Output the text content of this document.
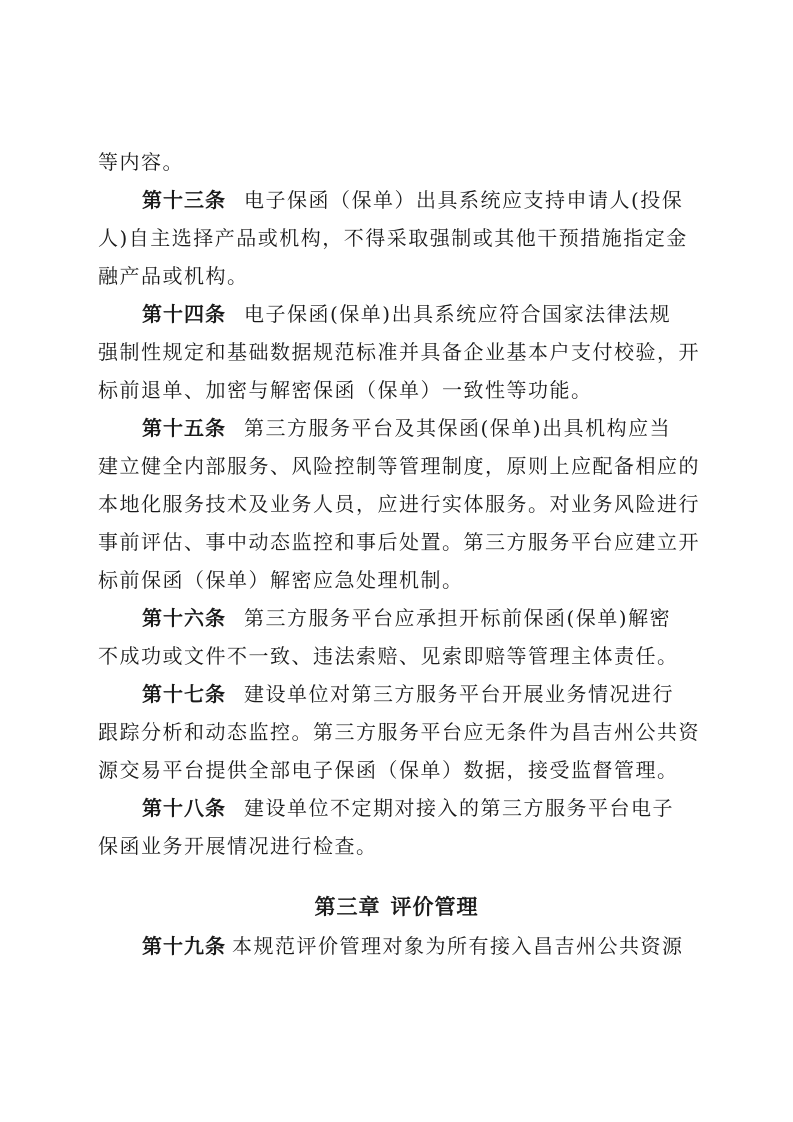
等内容。
第十三条 电子保函（保单）出具系统应支持申请人(投保
人)自主选择产品或机构，不得采取强制或其他干预措施指定金
融产品或机构。
第十四条 电子保函(保单)出具系统应符合国家法律法规
强制性规定和基础数据规范标准并具备企业基本户支付校验，开
标前退单、加密与解密保函（保单）一致性等功能。
第十五条 第三方服务平台及其保函(保单)出具机构应当
建立健全内部服务、风险控制等管理制度，原则上应配备相应的
本地化服务技术及业务人员，应进行实体服务。对业务风险进行
事前评估、事中动态监控和事后处置。第三方服务平台应建立开
标前保函（保单）解密应急处理机制。
第十六条 第三方服务平台应承担开标前保函(保单)解密
不成功或文件不一致、违法索赔、见索即赔等管理主体责任。
第十七条 建设单位对第三方服务平台开展业务情况进行
跟踪分析和动态监控。第三方服务平台应无条件为昌吉州公共资
源交易平台提供全部电子保函（保单）数据，接受监督管理。
第十八条 建设单位不定期对接入的第三方服务平台电子
保函业务开展情况进行检查。
第三章 评价管理
第十九条 本规范评价管理对象为所有接入昌吉州公共资源
